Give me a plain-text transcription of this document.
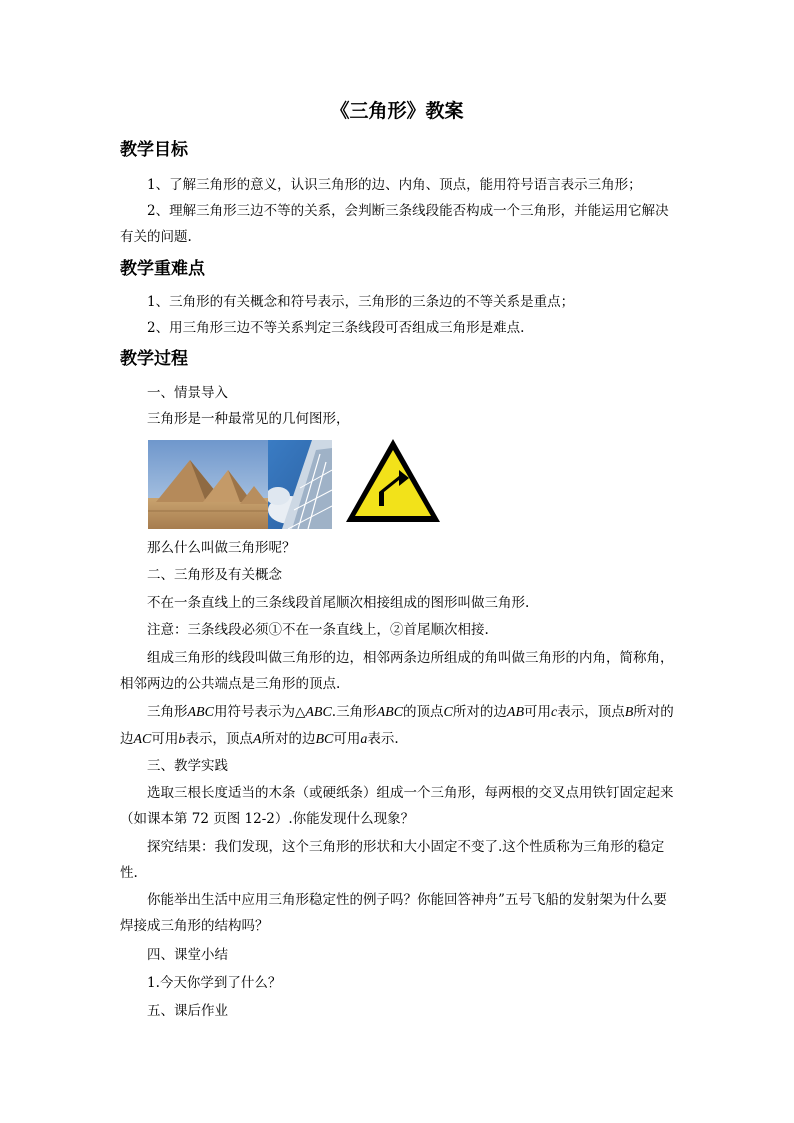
《三角形》教案
教学目标

1、了解三角形的意义，认识三角形的边、内角、顶点，能用符号语言表示三角形；

2、理解三角形三边不等的关系，会判断三条线段能否构成一个三角形，并能运用它解决有关的问题.

教学重难点

1、三角形的有关概念和符号表示，三角形的三条边的不等关系是重点；

2、用三角形三边不等关系判定三条线段可否组成三角形是难点.

教学过程

一、情景导入

三角形是一种最常见的几何图形，

那么什么叫做三角形呢？

二、三角形及有关概念

不在一条直线上的三条线段首尾顺次相接组成的图形叫做三角形.

注意：三条线段必须①不在一条直线上，②首尾顺次相接.

组成三角形的线段叫做三角形的边，相邻两条边所组成的角叫做三角形的内角，简称角，相邻两边的公共端点是三角形的顶点.

三角形ABC用符号表示为△ABC.三角形ABC的顶点C所对的边AB可用c表示，顶点B所对的边AC可用b表示，顶点A所对的边BC可用a表示.

三、教学实践

选取三根长度适当的木条（或硬纸条）组成一个三角形，每两根的交叉点用铁钉固定起来（如课本第 72 页图 12-2）.你能发现什么现象？

探究结果：我们发现，这个三角形的形状和大小固定不变了.这个性质称为三角形的稳定性.

你能举出生活中应用三角形稳定性的例子吗？你能回答神舟”五号飞船的发射架为什么要焊接成三角形的结构吗？

四、课堂小结

1.今天你学到了什么？

五、课后作业
